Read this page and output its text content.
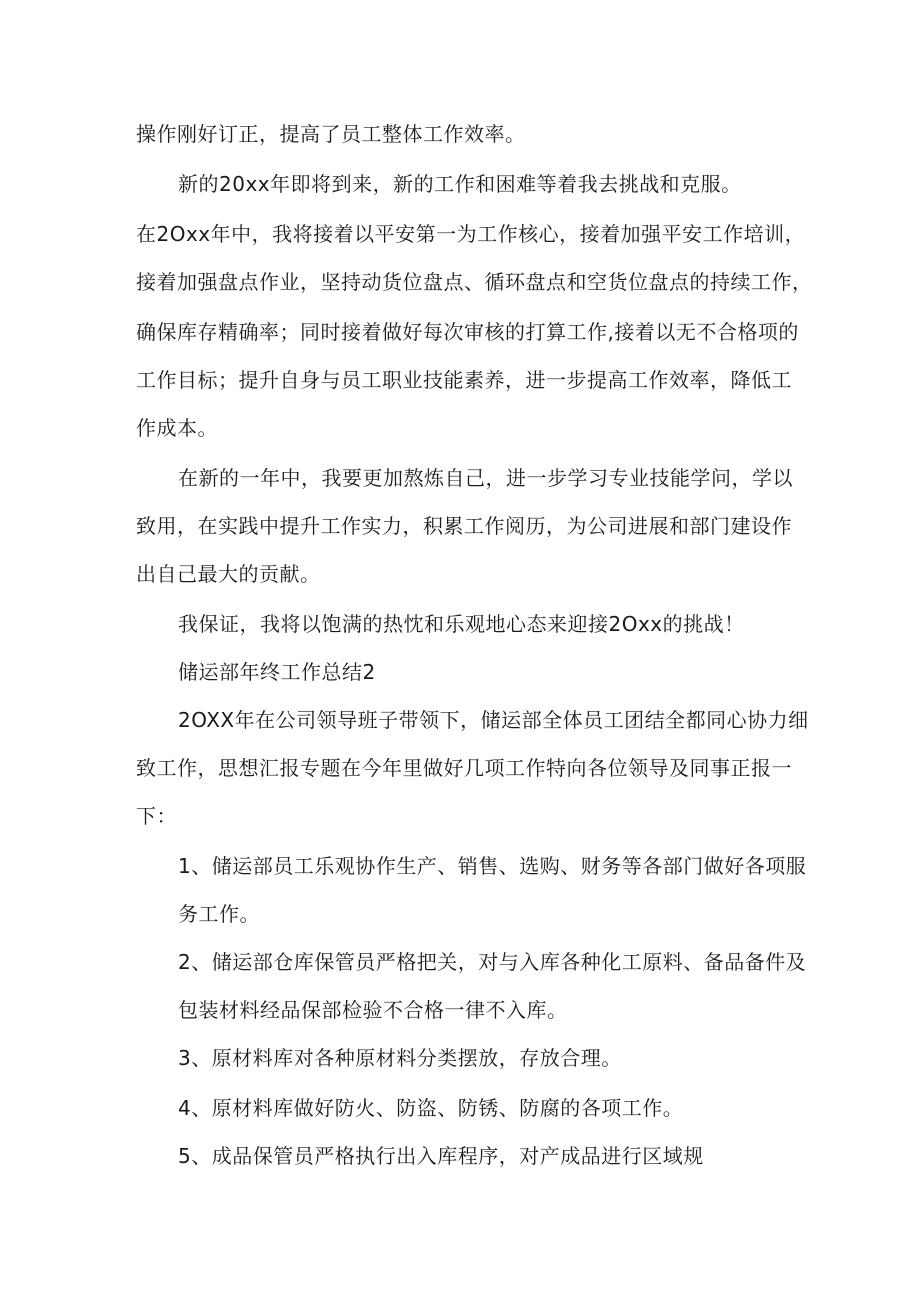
操作刚好订正，提高了员工整体工作效率。
新的20xx年即将到来，新的工作和困难等着我去挑战和克服。
在2Oxx年中，我将接着以平安第一为工作核心，接着加强平安工作培训，
接着加强盘点作业，坚持动货位盘点、循环盘点和空货位盘点的持续工作，
确保库存精确率；同时接着做好每次审核的打算工作,接着以无不合格项的
工作目标；提升自身与员工职业技能素养，进一步提高工作效率，降低工
作成本。
在新的一年中，我要更加熬炼自己，进一步学习专业技能学问，学以
致用，在实践中提升工作实力，积累工作阅历，为公司进展和部门建设作
出自己最大的贡献。
我保证，我将以饱满的热忱和乐观地心态来迎接2Oxx的挑战！
储运部年终工作总结2
2OXX年在公司领导班子带领下，储运部全体员工团结全都同心协力细
致工作，思想汇报专题在今年里做好几项工作特向各位领导及同事正报一
下：
1、储运部员工乐观协作生产、销售、选购、财务等各部门做好各项服
务工作。
2、储运部仓库保管员严格把关，对与入库各种化工原料、备品备件及
包装材料经品保部检验不合格一律不入库。
3、原材料库对各种原材料分类摆放，存放合理。
4、原材料库做好防火、防盗、防锈、防腐的各项工作。
5、成品保管员严格执行出入库程序，对产成品进行区域规
